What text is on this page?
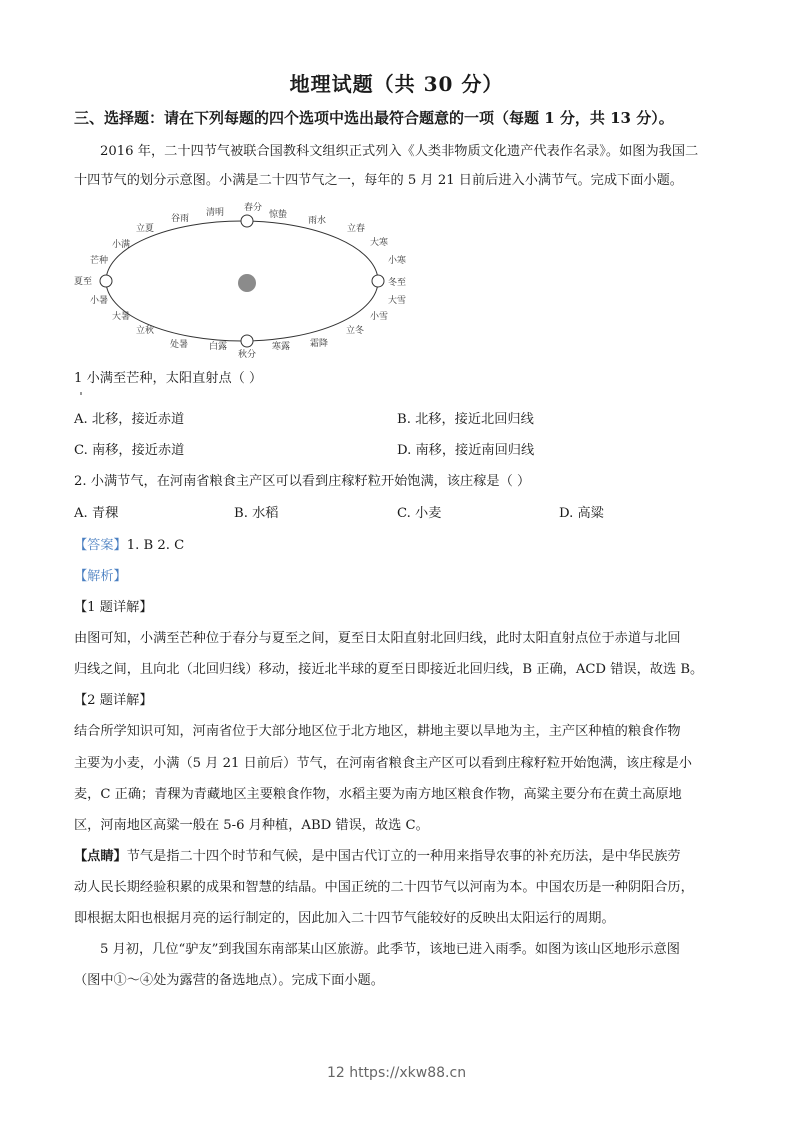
地理试题（共 30 分）
三、选择题：请在下列每题的四个选项中选出最符合题意的一项（每题 1 分，共 13 分）。
2016 年，二十四节气被联合国教科文组织正式列入《人类非物质文化遗产代表作名录》。如图为我国二
十四节气的划分示意图。小满是二十四节气之一，每年的 5 月 21 日前后进入小满节气。完成下面小题。
春分
清明
谷雨	惊蛰
雨水
立夏
小满
芒种
夏至
小暑
大暑
立秋
处暑 白露
秋分
寒露 霜降
立春
大寒
小寒
冬至
大雪
小雪
立冬
1 小满至芒种，太阳直射点（ ）
A. 北移，接近赤道	B. 北移，接近北回归线
C. 南移，接近赤道	D. 南移，接近南回归线
2. 小满节气，在河南省粮食主产区可以看到庄稼籽粒开始饱满，该庄稼是（ ）
A. 青稞	B. 水稻	C. 小麦	D. 高粱
【答案】1. B 2. C
【解析】
【1 题详解】
由图可知，小满至芒种位于春分与夏至之间，夏至日太阳直射北回归线，此时太阳直射点位于赤道与北回
归线之间，且向北（北回归线）移动，接近北半球的夏至日即接近北回归线，B 正确，ACD 错误，故选 B。
【2 题详解】
结合所学知识可知，河南省位于大部分地区位于北方地区，耕地主要以旱地为主，主产区种植的粮食作物
主要为小麦，小满（5 月 21 日前后）节气，在河南省粮食主产区可以看到庄稼籽粒开始饱满，该庄稼是小
麦，C 正确；青稞为青藏地区主要粮食作物，水稻主要为南方地区粮食作物，高粱主要分布在黄土高原地
区，河南地区高粱一般在 5-6 月种植，ABD 错误，故选 C。
【点睛】节气是指二十四个时节和气候，是中国古代订立的一种用来指导农事的补充历法，是中华民族劳
动人民长期经验积累的成果和智慧的结晶。中国正统的二十四节气以河南为本。中国农历是一种阴阳合历，
即根据太阳也根据月亮的运行制定的，因此加入二十四节气能较好的反映出太阳运行的周期。
5 月初，几位“驴友”到我国东南部某山区旅游。此季节，该地已进入雨季。如图为该山区地形示意图
（图中①～④处为露营的备选地点）。完成下面小题。
12 https://xkw88.cn
